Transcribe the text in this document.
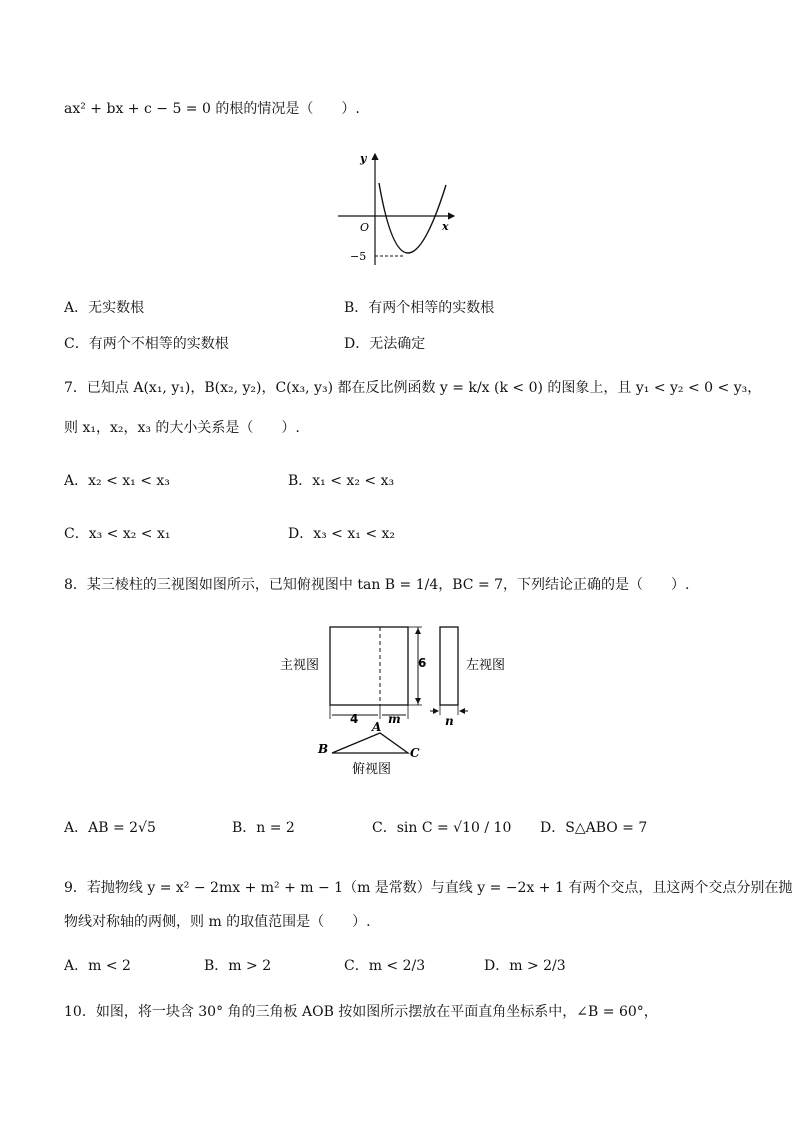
ax² + bx + c − 5 = 0 的根的情况是（　　）.
y
x
O
−5
A．无实数根	B．有两个相等的实数根
C．有两个不相等的实数根	D．无法确定
7．已知点 A(x₁, y₁)，B(x₂, y₂)，C(x₃, y₃) 都在反比例函数 y = k/x (k < 0) 的图象上，且 y₁ < y₂ < 0 < y₃，
则 x₁，x₂，x₃ 的大小关系是（　　）.
A．x₂ < x₁ < x₃	B．x₁ < x₂ < x₃
C．x₃ < x₂ < x₁	D．x₃ < x₁ < x₂
8．某三棱柱的三视图如图所示，已知俯视图中 tan B = 1/4，BC = 7，下列结论正确的是（　　）.
6
4 m
主视图	左视图
n
A
B	C
俯视图
A．AB = 2√5	B．n = 2	C．sin C = √10 / 10 D．S△ABO = 7
9．若抛物线 y = x² − 2mx + m² + m − 1（m 是常数）与直线 y = −2x + 1 有两个交点，且这两个交点分别在抛
物线对称轴的两侧，则 m 的取值范围是（　　）.
A．m < 2	B．m > 2	C．m < 2/3	D．m > 2/3
10．如图，将一块含 30° 角的三角板 AOB 按如图所示摆放在平面直角坐标系中，∠B = 60°，
